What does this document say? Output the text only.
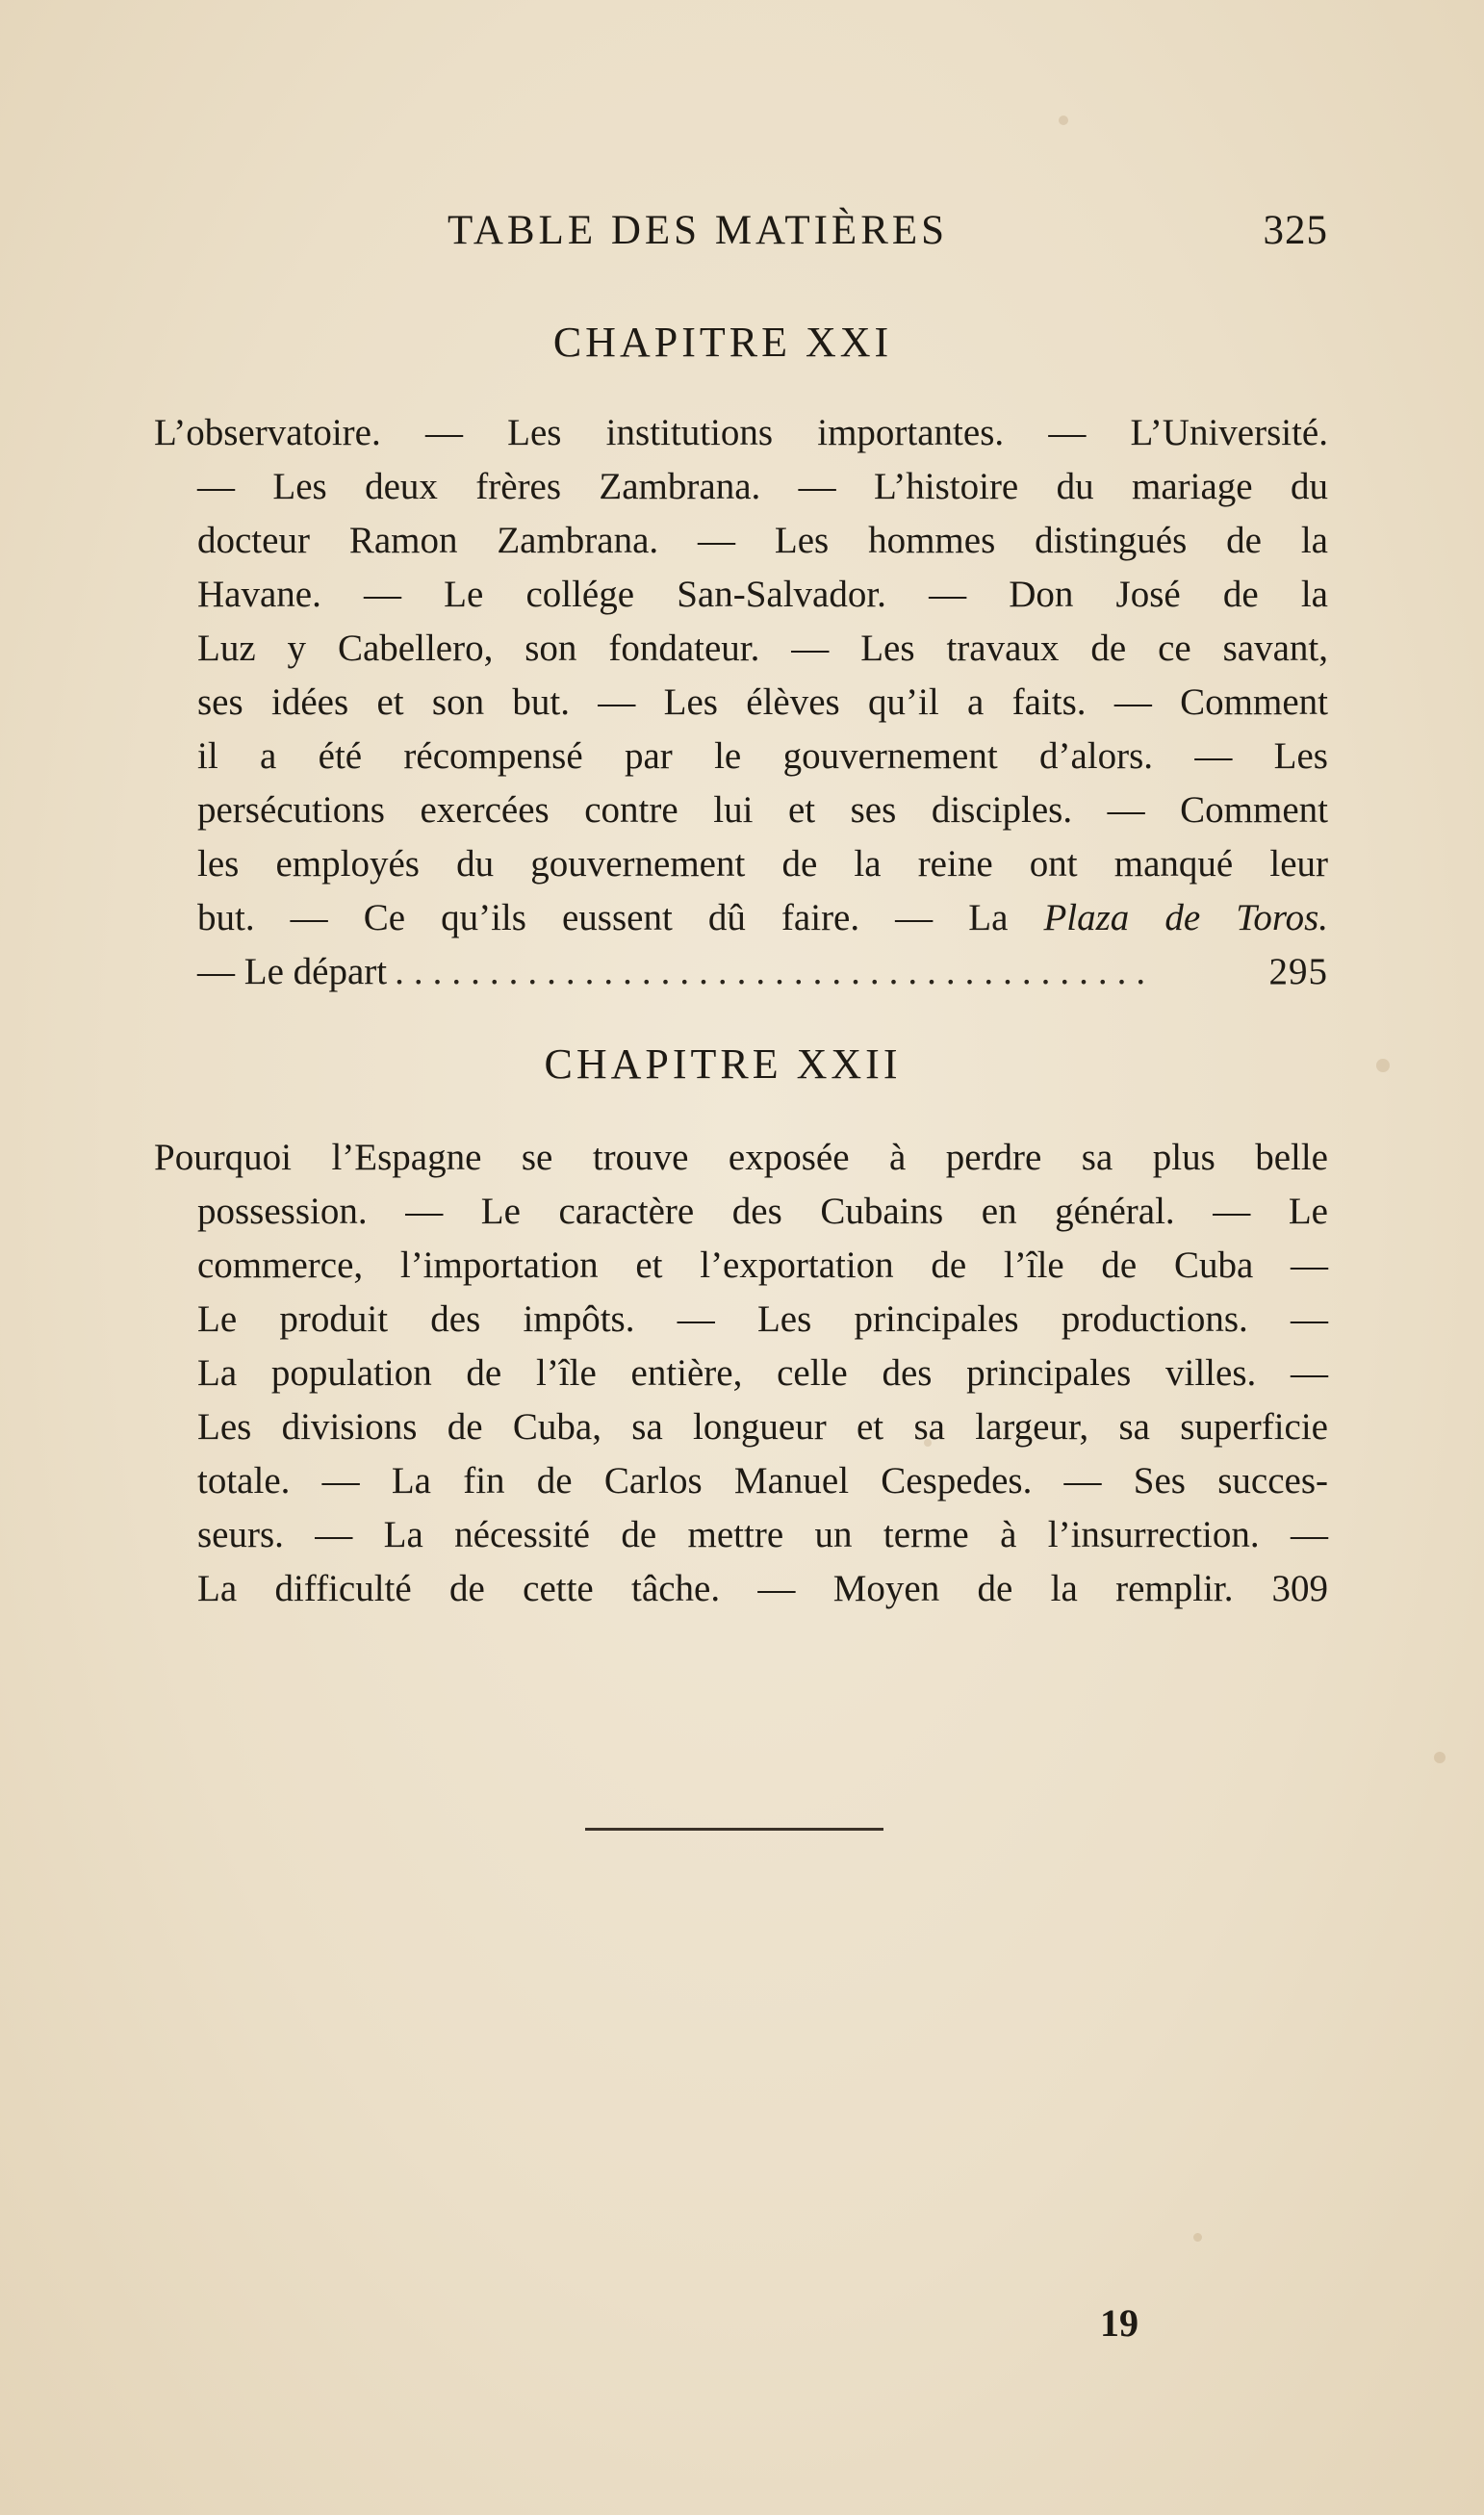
TABLE DES MATIÈRES	325
CHAPITRE XXI
L’observatoire. — Les institutions importantes. — L’Université.
— Les deux frères Zambrana. — L’histoire du mariage du
docteur Ramon Zambrana. — Les hommes distingués de la
Havane. — Le collége San-Salvador. — Don José de la
Luz y Cabellero, son fondateur. — Les travaux de ce savant,
ses idées et son but. — Les élèves qu’il a faits. — Comment
il a été récompensé par le gouvernement d’alors. — Les
persécutions exercées contre lui et ses disciples. — Comment
les employés du gouvernement de la reine ont manqué leur
but. — Ce qu’ils eussent dû faire. — La Plaza de Toros.
— Le départ ........................................	295
CHAPITRE XXII
Pourquoi l’Espagne se trouve exposée à perdre sa plus belle
possession. — Le caractère des Cubains en général. — Le
commerce, l’importation et l’exportation de l’île de Cuba —
Le produit des impôts. — Les principales productions. —
La population de l’île entière, celle des principales villes. —
Les divisions de Cuba, sa longueur et sa largeur, sa superficie
totale. — La fin de Carlos Manuel Cespedes. — Ses succes-
seurs. — La nécessité de mettre un terme à l’insurrection. —
La difficulté de cette tâche. — Moyen de la remplir. 309
19
